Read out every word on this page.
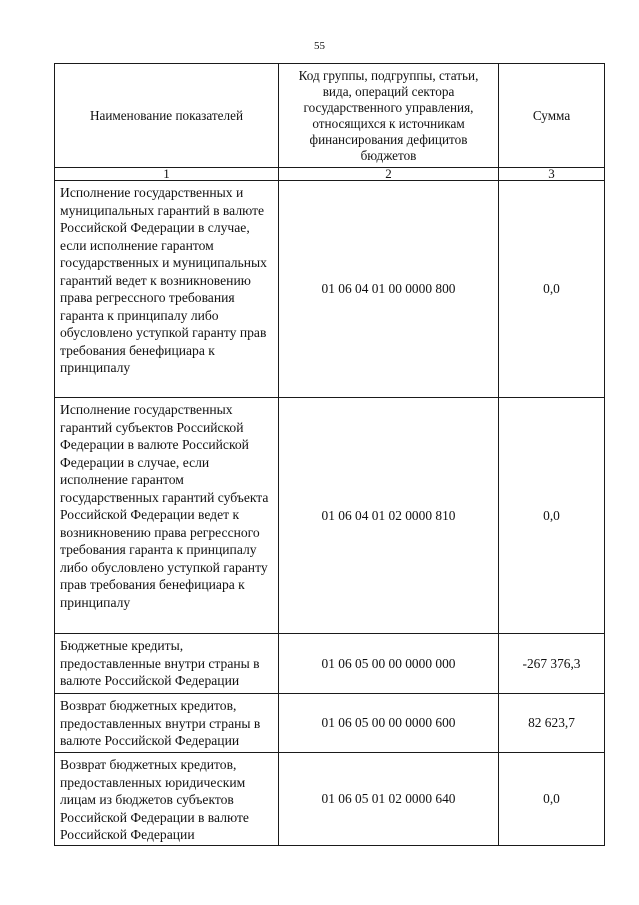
55
Наименование показателей	Код группы, подгруппы, статьи, вида, операций сектора государственного управления, относящихся к источникам финансирования дефицитов бюджетов	Сумма
1	2	3
Исполнение государственных и муниципальных гарантий в валюте Российской Федерации в случае, если исполнение гарантом государственных и муниципальных гарантий ведет к возникновению права регрессного требования гаранта к принципалу либо обусловлено уступкой гаранту прав требования бенефициара к принципалу	01 06 04 01 00 0000 800	0,0
Исполнение государственных гарантий субъектов Российской Федерации в валюте Российской Федерации в случае, если исполнение гарантом государственных гарантий субъекта Российской Федерации ведет к возникновению права регрессного требования гаранта к принципалу либо обусловлено уступкой гаранту прав требования бенефициара к принципалу	01 06 04 01 02 0000 810	0,0
Бюджетные кредиты, предоставленные внутри страны в валюте Российской Федерации	01 06 05 00 00 0000 000	-267 376,3
Возврат бюджетных кредитов, предоставленных внутри страны в валюте Российской Федерации	01 06 05 00 00 0000 600	82 623,7
Возврат бюджетных кредитов, предоставленных юридическим лицам из бюджетов субъектов Российской Федерации в валюте Российской Федерации	01 06 05 01 02 0000 640	0,0
